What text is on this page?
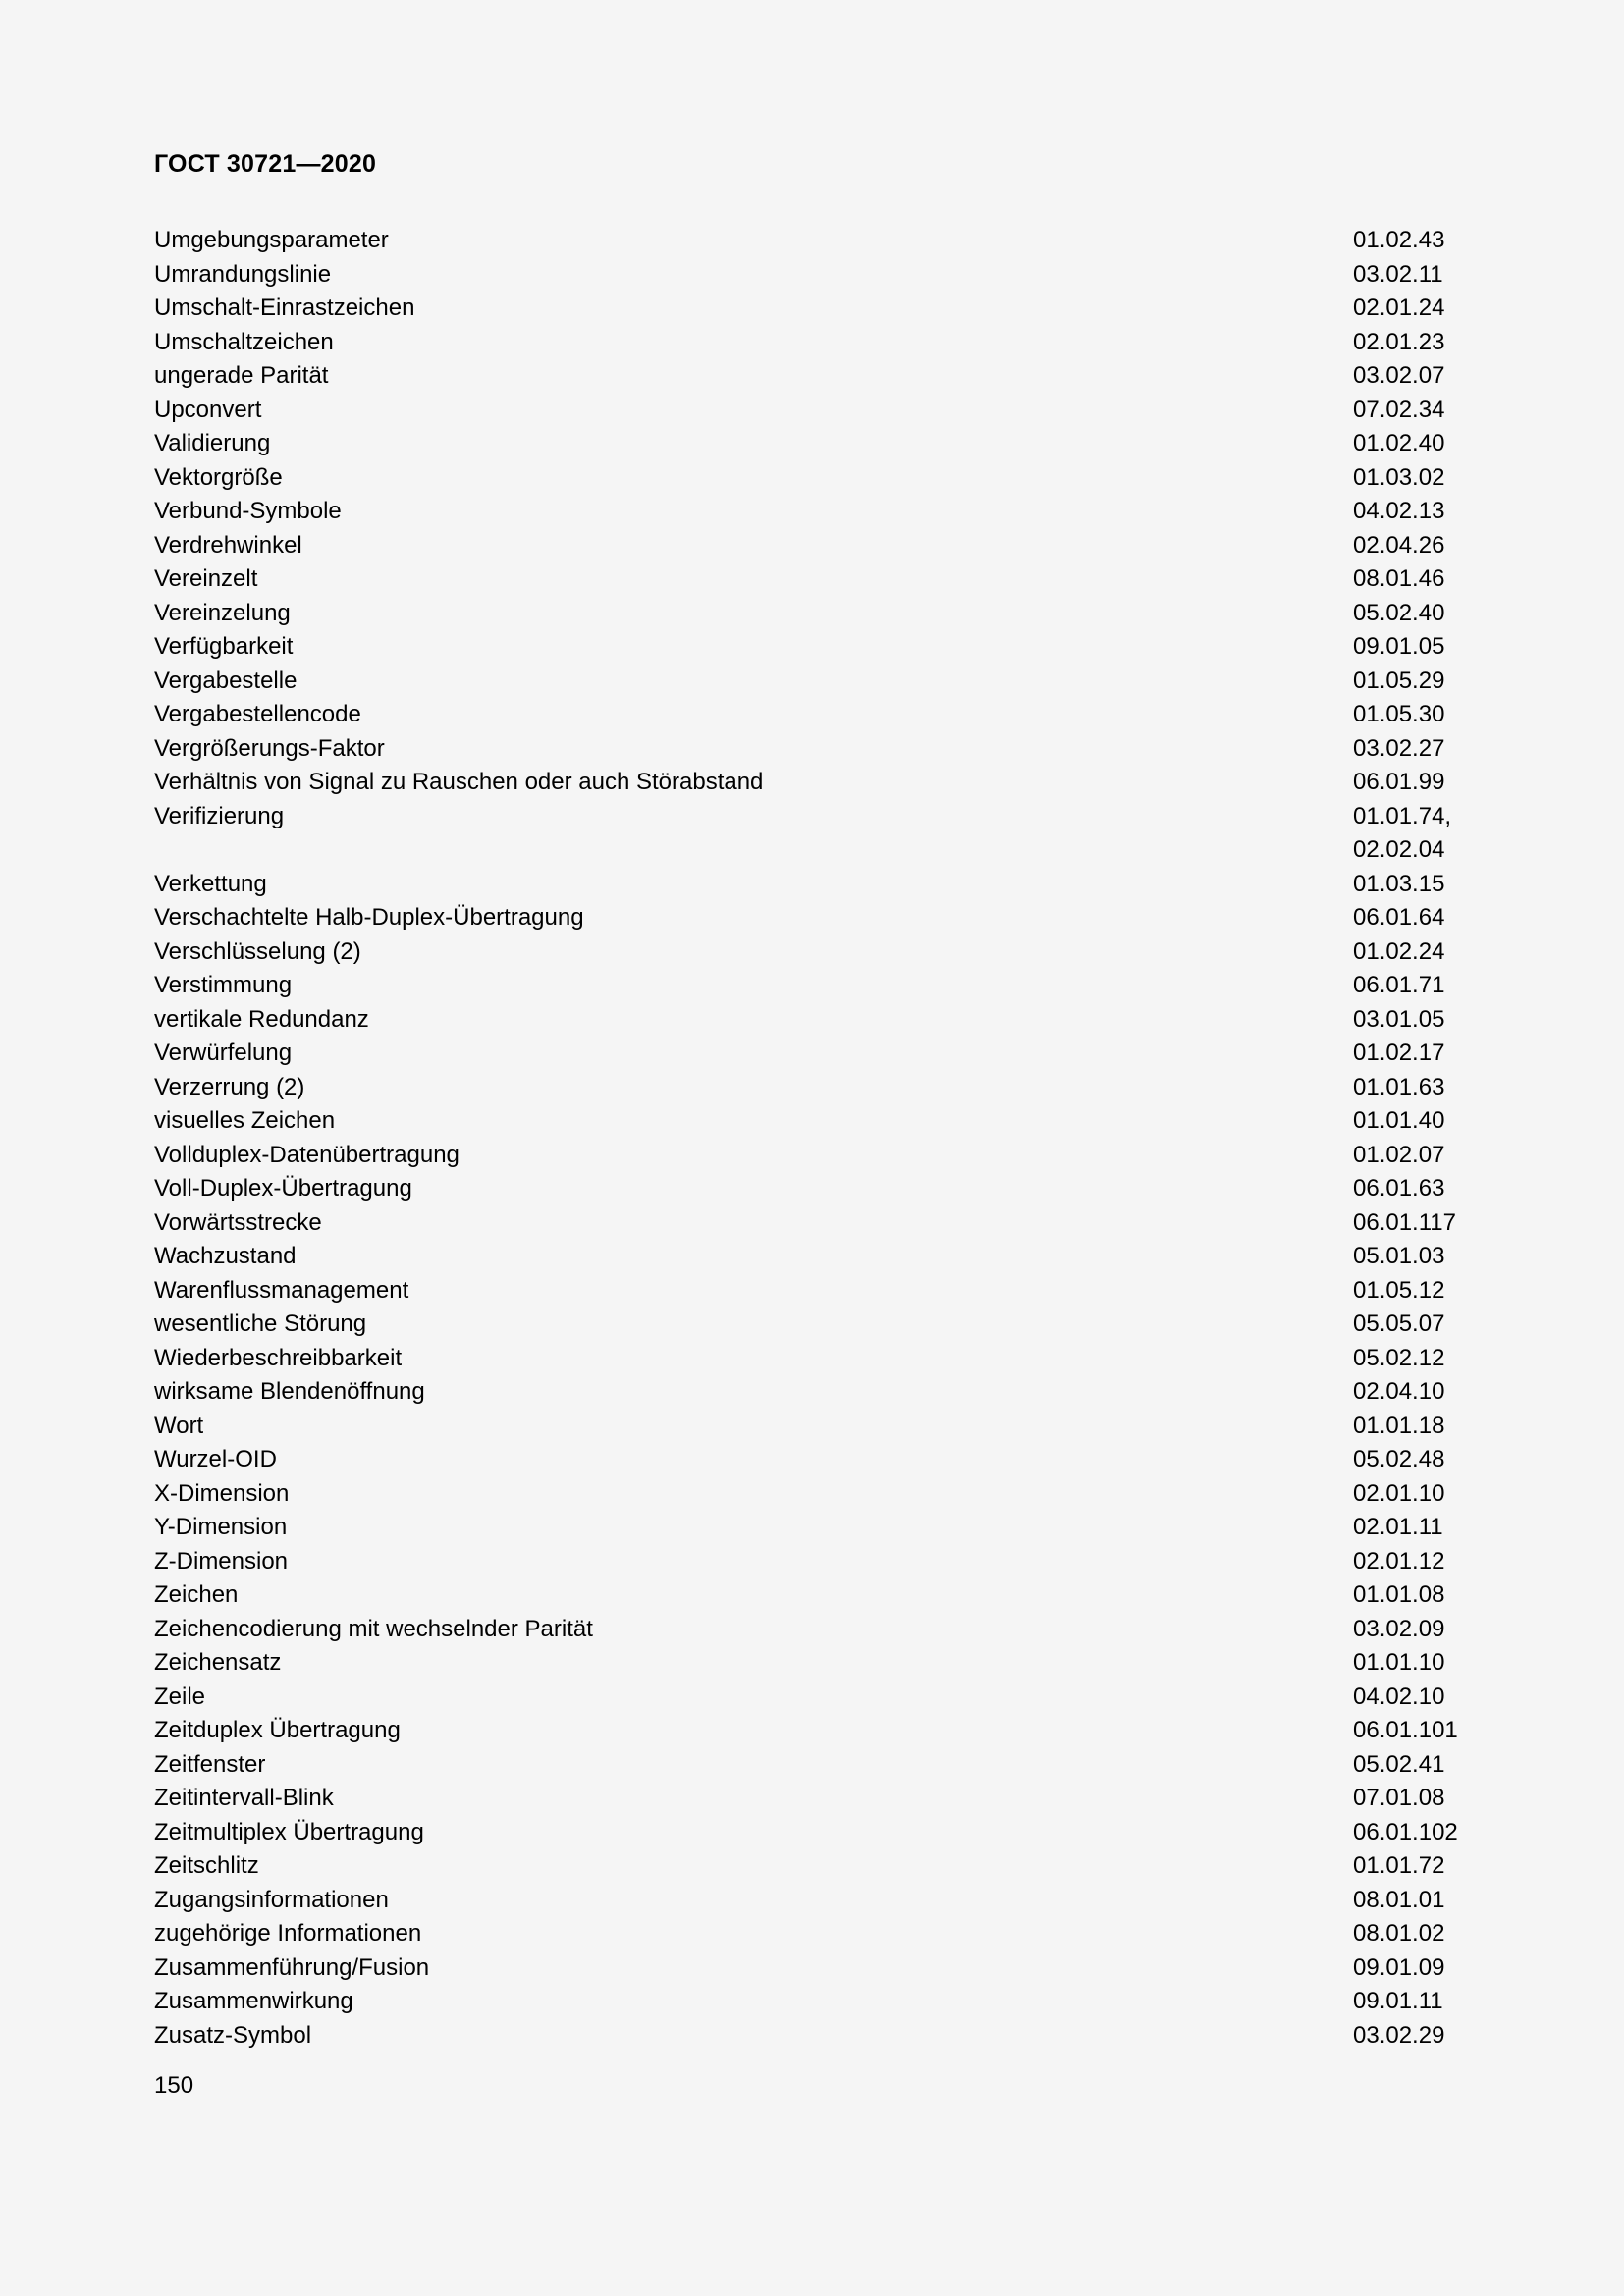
ГОСТ 30721—2020
Umgebungsparameter	01.02.43
Umrandungslinie	03.02.11
Umschalt-Einrastzeichen	02.01.24
Umschaltzeichen	02.01.23
ungerade Parität	03.02.07
Upconvert	07.02.34
Validierung	01.02.40
Vektorgröße	01.03.02
Verbund-Symbole	04.02.13
Verdrehwinkel	02.04.26
Vereinzelt	08.01.46
Vereinzelung	05.02.40
Verfügbarkeit	09.01.05
Vergabestelle	01.05.29
Vergabestellencode	01.05.30
Vergrößerungs-Faktor	03.02.27
Verhältnis von Signal zu Rauschen oder auch Störabstand	06.01.99
Verifizierung	01.01.74,
02.02.04
Verkettung	01.03.15
Verschachtelte Halb-Duplex-Übertragung	06.01.64
Verschlüsselung (2)	01.02.24
Verstimmung	06.01.71
vertikale Redundanz	03.01.05
Verwürfelung	01.02.17
Verzerrung (2)	01.01.63
visuelles Zeichen	01.01.40
Vollduplex-Datenübertragung	01.02.07
Voll-Duplex-Übertragung	06.01.63
Vorwärtsstrecke	06.01.117
Wachzustand	05.01.03
Warenflussmanagement	01.05.12
wesentliche Störung	05.05.07
Wiederbeschreibbarkeit	05.02.12
wirksame Blendenöffnung	02.04.10
Wort	01.01.18
Wurzel-OID	05.02.48
X-Dimension	02.01.10
Y-Dimension	02.01.11
Z-Dimension	02.01.12
Zeichen	01.01.08
Zeichencodierung mit wechselnder Parität	03.02.09
Zeichensatz	01.01.10
Zeile	04.02.10
Zeitduplex Übertragung	06.01.101
Zeitfenster	05.02.41
Zeitintervall-Blink	07.01.08
Zeitmultiplex Übertragung	06.01.102
Zeitschlitz	01.01.72
Zugangsinformationen	08.01.01
zugehörige Informationen	08.01.02
Zusammenführung/Fusion	09.01.09
Zusammenwirkung	09.01.11
Zusatz-Symbol	03.02.29
150
